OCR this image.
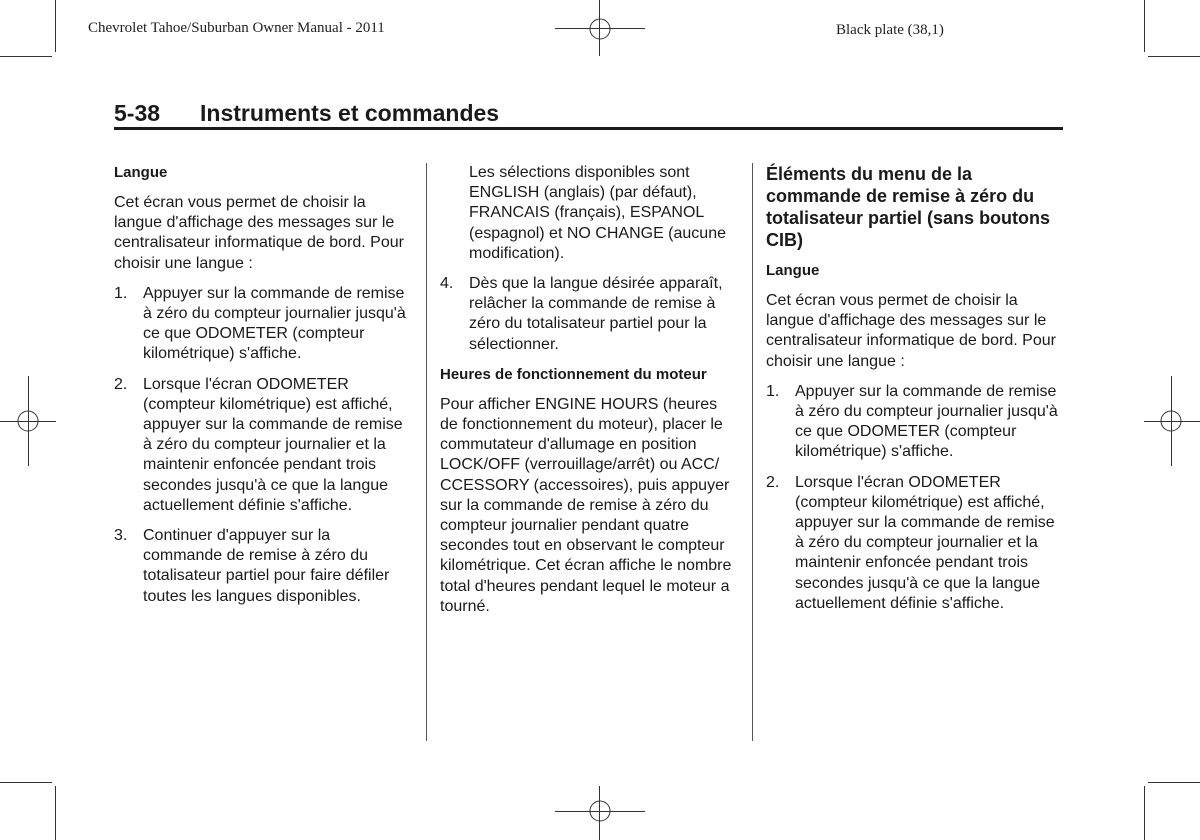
Chevrolet Tahoe/Suburban Owner Manual - 2011	Black plate (38,1)
5-38 Instruments et commandes
Langue

Cet écran vous permet de choisir la langue d'affichage des messages sur le centralisateur informatique de bord. Pour choisir une langue :

1. Appuyer sur la commande de remise à zéro du compteur journalier jusqu'à ce que ODOMETER (compteur kilométrique) s'affiche.
2. Lorsque l'écran ODOMETER (compteur kilométrique) est affiché, appuyer sur la commande de remise à zéro du compteur journalier et la maintenir enfoncée pendant trois secondes jusqu'à ce que la langue actuellement définie s'affiche.
3. Continuer d'appuyer sur la commande de remise à zéro du totalisateur partiel pour faire défiler toutes les langues disponibles.
Les sélections disponibles sont ENGLISH (anglais) (par défaut), FRANCAIS (français), ESPANOL (espagnol) et NO CHANGE (aucune modification).
4. Dès que la langue désirée apparaît, relâcher la commande de remise à zéro du totalisateur partiel pour la sélectionner.
Heures de fonctionnement du moteur

Pour afficher ENGINE HOURS (heures de fonctionnement du moteur), placer le commutateur d'allumage en position LOCK/OFF (verrouillage/arrêt) ou ACC/ CCESSORY (accessoires), puis appuyer sur la commande de remise à zéro du compteur journalier pendant quatre secondes tout en observant le compteur kilométrique. Cet écran affiche le nombre total d'heures pendant lequel le moteur a tourné.

Éléments du menu de la commande de remise à zéro du totalisateur partiel (sans boutons CIB)
Langue

Cet écran vous permet de choisir la langue d'affichage des messages sur le centralisateur informatique de bord. Pour choisir une langue :

1. Appuyer sur la commande de remise à zéro du compteur journalier jusqu'à ce que ODOMETER (compteur kilométrique) s'affiche.
2. Lorsque l'écran ODOMETER (compteur kilométrique) est affiché, appuyer sur la commande de remise à zéro du compteur journalier et la maintenir enfoncée pendant trois secondes jusqu'à ce que la langue actuellement définie s'affiche.
